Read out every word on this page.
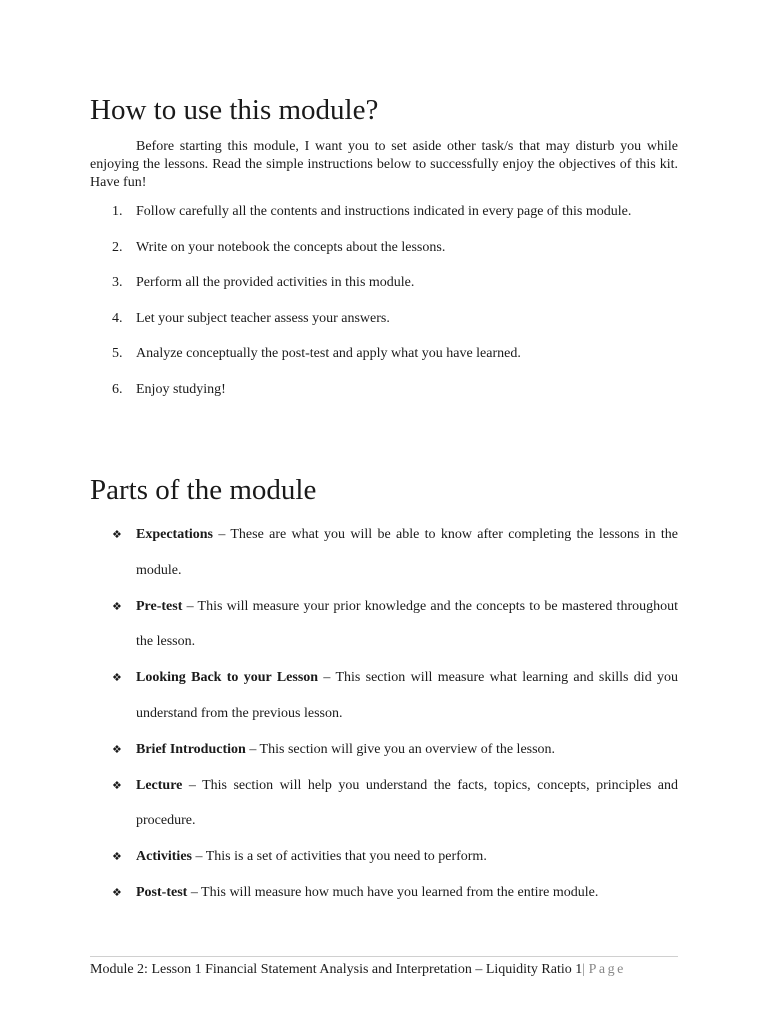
How to use this module?

Before starting this module, I want you to set aside other task/s that may disturb you while enjoying the lessons. Read the simple instructions below to successfully enjoy the objectives of this kit. Have fun!

1. Follow carefully all the contents and instructions indicated in every page of this module.
2. Write on your notebook the concepts about the lessons.
3. Perform all the provided activities in this module.
4. Let your subject teacher assess your answers.
5. Analyze conceptually the post-test and apply what you have learned.
6. Enjoy studying!
Parts of the module
❖ Expectations – These are what you will be able to know after completing the lessons in the module.
❖ Pre-test – This will measure your prior knowledge and the concepts to be mastered throughout the lesson.
❖ Looking Back to your Lesson – This section will measure what learning and skills did you understand from the previous lesson.
❖ Brief Introduction – This section will give you an overview of the lesson.
❖ Lecture – This section will help you understand the facts, topics, concepts, principles and procedure.
❖ Activities – This is a set of activities that you need to perform.
❖ Post-test – This will measure how much have you learned from the entire module.
Module 2: Lesson 1 Financial Statement Analysis and Interpretation – Liquidity Ratio 1| Page
